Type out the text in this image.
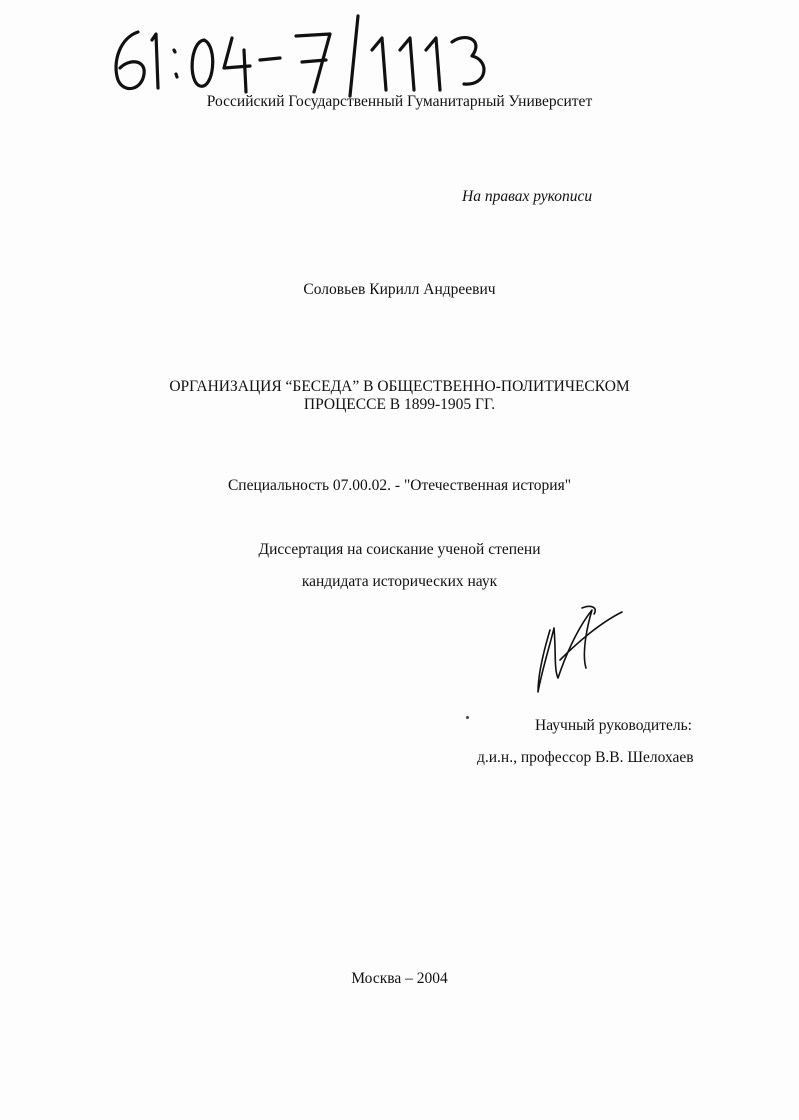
Российский Государственный Гуманитарный Университет
На правах рукописи
Соловьев Кирилл Андреевич
ОРГАНИЗАЦИЯ “БЕСЕДА” В ОБЩЕСТВЕННО-ПОЛИТИЧЕСКОМ
ПРОЦЕССЕ В 1899-1905 ГГ.
Специальность 07.00.02. - "Отечественная история"
Диссертация на соискание ученой степени
кандидата исторических наук
Научный руководитель:
д.и.н., профессор В.В. Шелохаев
Москва – 2004
